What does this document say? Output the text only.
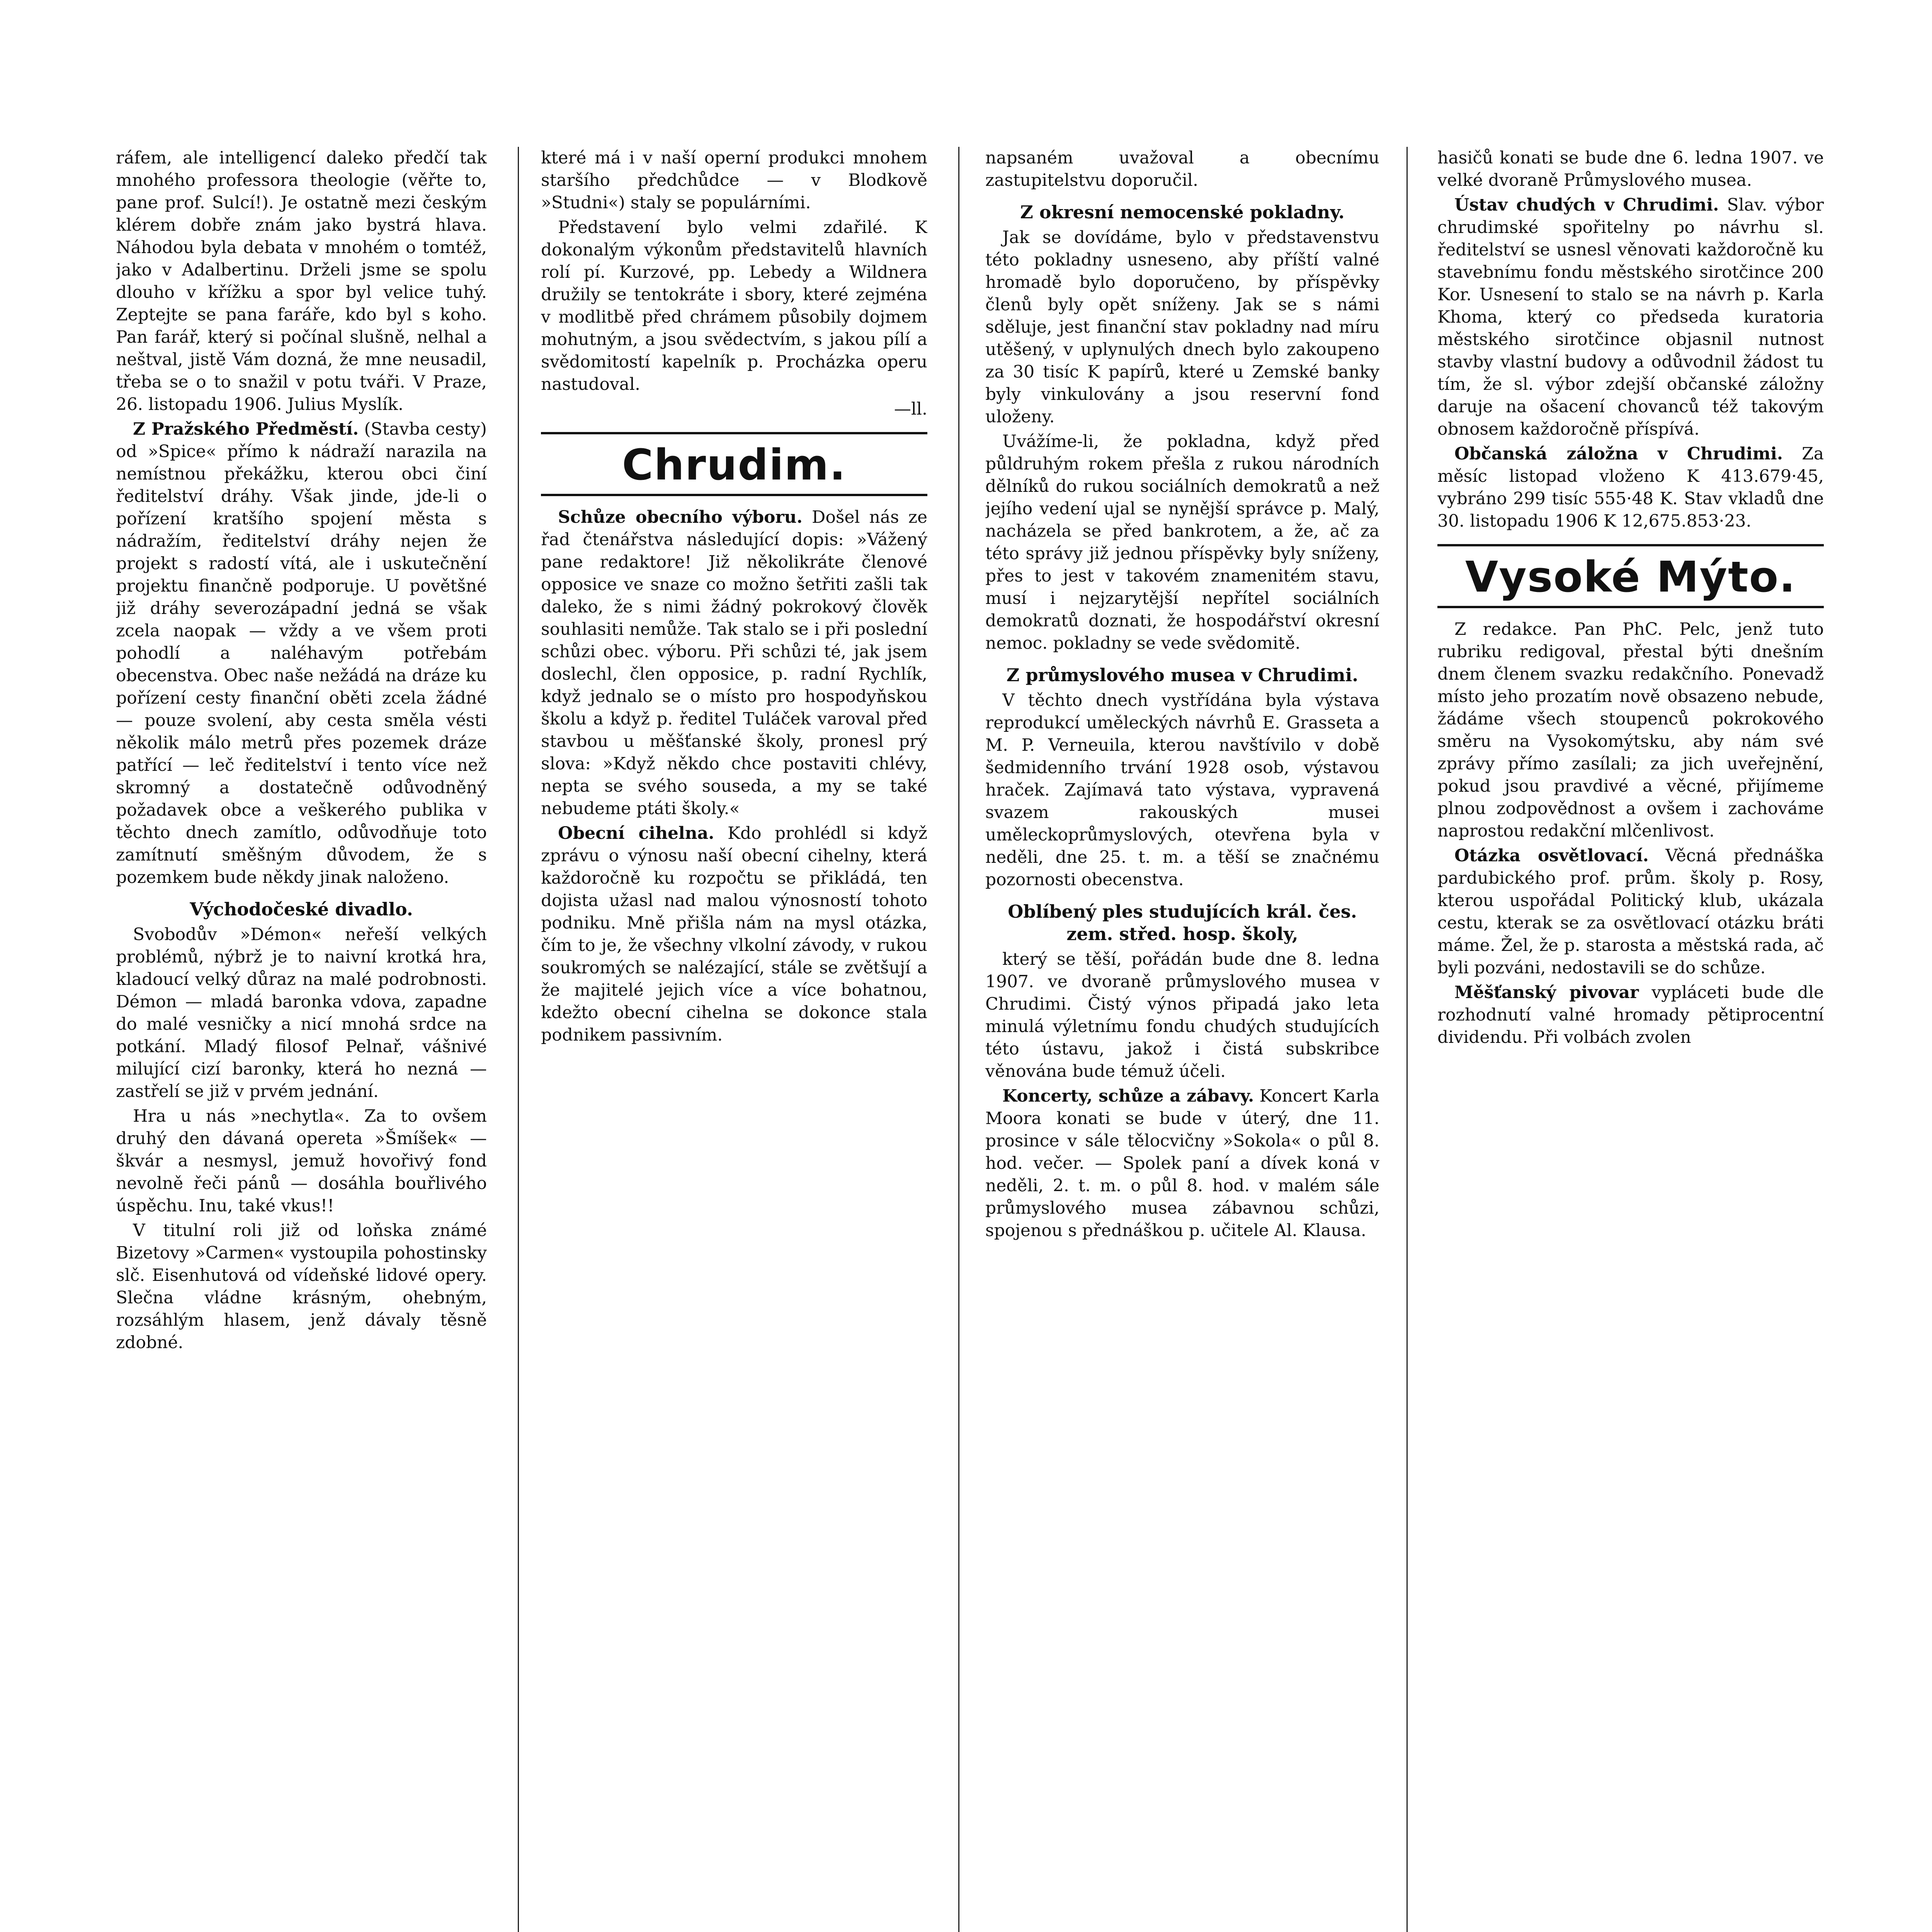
ráfem, ale intelligencí daleko předčí tak mnohého professora theologie (věřte to, pane prof. Sulcí!). Je ostatně mezi českým klérem dobře znám jako bystrá hlava. Náhodou byla debata v mnohém o tomtéž, jako v Adalbertinu. Drželi jsme se spolu dlouho v křížku a spor byl velice tuhý. Zeptejte se pana faráře, kdo byl s koho. Pan farář, který si počínal slušně, nelhal a neštval, jistě Vám dozná, že mne neusadil, třeba se o to snažil v potu tváři. V Praze, 26. listopadu 1906. Julius Myslík.

Z Pražského Předměstí. (Stavba cesty) od »Spice« přímo k nádraží narazila na nemístnou překážku, kterou obci činí ředitelství dráhy. Však jinde, jde-li o pořízení kratšího spojení města s nádražím, ředitelství dráhy nejen že projekt s radostí vítá, ale i uskutečnění projektu finančně podporuje. U povětšné již dráhy severozápadní jedná se však zcela naopak — vždy a ve všem proti pohodlí a naléhavým potřebám obecenstva. Obec naše nežádá na dráze ku pořízení cesty finanční oběti zcela žádné — pouze svolení, aby cesta směla vésti několik málo metrů přes pozemek dráze patřící — leč ředitelství i tento více než skromný a dostatečně odůvodněný požadavek obce a veškerého publika v těchto dnech zamítlo, odůvodňuje toto zamítnutí směšným důvodem, že s pozemkem bude někdy jinak naloženo.

Východočeské divadlo.

Svobodův »Démon« neřeší velkých problémů, nýbrž je to naivní krotká hra, kladoucí velký důraz na malé podrobnosti. Démon — mladá baronka vdova, zapadne do malé vesničky a nicí mnohá srdce na potkání. Mladý filosof Pelnař, vášnivé milující cizí baronky, která ho nezná — zastřelí se již v prvém jednání.

Hra u nás »nechytla«. Za to ovšem druhý den dávaná opereta »Šmíšek« — škvár a nesmysl, jemuž hovořivý fond nevolně řeči pánů — dosáhla bouřlivého úspěchu. Inu, také vkus!!

V titulní roli již od loňska známé Bizetovy »Carmen« vystoupila pohostinsky slč. Eisenhutová od vídeňské lidové opery. Slečna vládne krásným, ohebným, rozsáhlým hlasem, jenž dávaly těsně zdobné.

které má i v naší operní produkci mnohem staršího předchůdce — v Blodkově »Studni«) staly se populárními.

Představení bylo velmi zdařilé. K dokonalým výkonům představitelů hlavních rolí pí. Kurzové, pp. Lebedy a Wildnera družily se tentokráte i sbory, které zejména v modlitbě před chrámem působily dojmem mohutným, a jsou svědectvím, s jakou pílí a svědomitostí kapelník p. Procházka operu nastudoval.

—ll.

Chrudim.

Schůze obecního výboru. Došel nás ze řad čtenářstva následující dopis: »Vážený pane redaktore! Již několikráte členové opposice ve snaze co možno šetřiti zašli tak daleko, že s nimi žádný pokrokový člověk souhlasiti nemůže. Tak stalo se i při poslední schůzi obec. výboru. Při schůzi té, jak jsem doslechl, člen opposice, p. radní Rychlík, když jednalo se o místo pro hospodyňskou školu a když p. ředitel Tuláček varoval před stavbou u měšťanské školy, pronesl prý slova: »Když někdo chce postaviti chlévy, nepta se svého souseda, a my se také nebudeme ptáti školy.«

Obecní cihelna. Kdo prohlédl si když zprávu o výnosu naší obecní cihelny, která každoročně ku rozpočtu se přikládá, ten dojista užasl nad malou výnosností tohoto podniku. Mně přišla nám na mysl otázka, čím to je, že všechny vlkolní závody, v rukou soukromých se nalézající, stále se zvětšují a že majitelé jejich více a více bohatnou, kdežto obecní cihelna se dokonce stala podnikem passivním.

napsaném uvažoval a obecnímu zastupitelstvu doporučil.

Z okresní nemocenské pokladny.

Jak se dovídáme, bylo v představenstvu této pokladny usneseno, aby příští valné hromadě bylo doporučeno, by příspěvky členů byly opět sníženy. Jak se s námi sděluje, jest finanční stav pokladny nad míru utěšený, v uplynulých dnech bylo zakoupeno za 30 tisíc K papírů, které u Zemské banky byly vinkulovány a jsou reservní fond uloženy.

Uvážíme-li, že pokladna, když před půldruhým rokem přešla z rukou národních dělníků do rukou sociálních demokratů a než jejího vedení ujal se nynější správce p. Malý, nacházela se před bankrotem, a že, ač za této správy již jednou příspěvky byly sníženy, přes to jest v takovém znamenitém stavu, musí i nejzarytější nepřítel sociálních demokratů doznati, že hospodářství okresní nemoc. pokladny se vede svědomitě.

Z průmyslového musea v Chrudimi.

V těchto dnech vystřídána byla výstava reprodukcí uměleckých návrhů E. Grasseta a M. P. Verneuila, kterou navštívilo v době šedmidenního trvání 1928 osob, výstavou hraček. Zajímavá tato výstava, vypravená svazem rakouských musei uměleckoprůmyslových, otevřena byla v neděli, dne 25. t. m. a těší se značnému pozornosti obecenstva.

Oblíbený ples studujících král. čes. zem. střed. hosp. školy,

který se těší, pořádán bude dne 8. ledna 1907. ve dvoraně průmyslového musea v Chrudimi. Čistý výnos připadá jako leta minulá výletnímu fondu chudých studujících této ústavu, jakož i čistá subskribce věnována bude témuž účeli.

Koncerty, schůze a zábavy. Koncert Karla Moora konati se bude v úterý, dne 11. prosince v sále tělocvičny »Sokola« o půl 8. hod. večer. — Spolek paní a dívek koná v neděli, 2. t. m. o půl 8. hod. v malém sále průmyslového musea zábavnou schůzi, spojenou s přednáškou p. učitele Al. Klausa.

hasičů konati se bude dne 6. ledna 1907. ve velké dvoraně Průmyslového musea.

Ústav chudých v Chrudimi. Slav. výbor chrudimské spořitelny po návrhu sl. ředitelství se usnesl věnovati každoročně ku stavebnímu fondu městského sirotčince 200 Kor. Usnesení to stalo se na návrh p. Karla Khoma, který co předseda kuratoria městského sirotčince objasnil nutnost stavby vlastní budovy a odůvodnil žádost tu tím, že sl. výbor zdejší občanské záložny daruje na ošacení chovanců též takovým obnosem každoročně příspívá.

Občanská záložna v Chrudimi. Za měsíc listopad vloženo K 413.679·45, vybráno 299 tisíc 555·48 K. Stav vkladů dne 30. listopadu 1906 K 12,675.853·23.

Vysoké Mýto.

Z redakce. Pan PhC. Pelc, jenž tuto rubriku redigoval, přestal býti dnešním dnem členem svazku redakčního. Ponevadž místo jeho prozatím nově obsazeno nebude, žádáme všech stoupenců pokrokového směru na Vysokomýtsku, aby nám své zprávy přímo zasílali; za jich uveřejnění, pokud jsou pravdivé a věcné, přijímeme plnou zodpovědnost a ovšem i zachováme naprostou redakční mlčenlivost.

Otázka osvětlovací. Věcná přednáška pardubického prof. prům. školy p. Rosy, kterou uspořádal Politický klub, ukázala cestu, kterak se za osvětlovací otázku bráti máme. Žel, že p. starosta a městská rada, ač byli pozváni, nedostavili se do schůze.

Měšťanský pivovar vypláceti bude dle rozhodnutí valné hromady pětiprocentní dividendu. Při volbách zvolen
